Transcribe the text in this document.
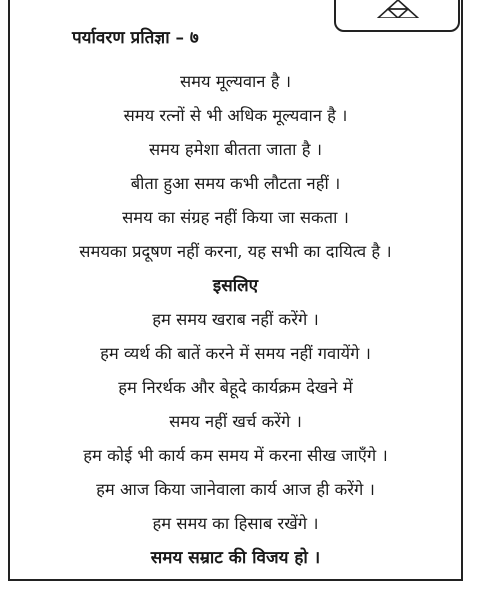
पर्यावरण प्रतिज्ञा – ७
समय मूल्यवान है ।
समय रत्नों से भी अधिक मूल्यवान है ।
समय हमेशा बीतता जाता है ।
बीता हुआ समय कभी लौटता नहीं ।
समय का संग्रह नहीं किया जा सकता ।
समयका प्रदूषण नहीं करना, यह सभी का दायित्व है ।
इसलिए
हम समय खराब नहीं करेंगे ।
हम व्यर्थ की बातें करने में समय नहीं गवायेंगे ।
हम निरर्थक और बेहूदे कार्यक्रम देखने में
समय नहीं खर्च करेंगे ।
हम कोई भी कार्य कम समय में करना सीख जाएँगे ।
हम आज किया जानेवाला कार्य आज ही करेंगे ।
हम समय का हिसाब रखेंगे ।
समय सम्राट की विजय हो ।
